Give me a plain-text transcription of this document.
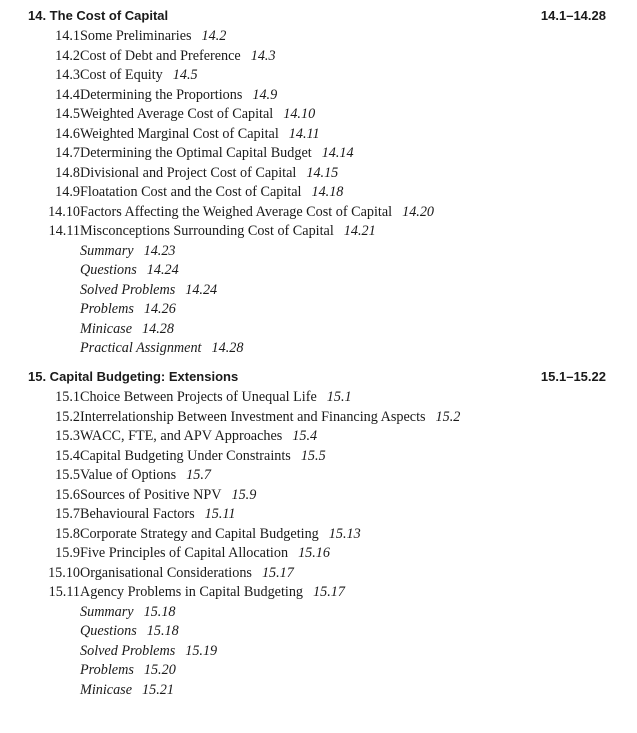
14. The Cost of Capital	14.1–14.28
14.1 Some Preliminaries 14.2
14.2 Cost of Debt and Preference 14.3
14.3 Cost of Equity 14.5
14.4 Determining the Proportions 14.9
14.5 Weighted Average Cost of Capital 14.10
14.6 Weighted Marginal Cost of Capital 14.11
14.7 Determining the Optimal Capital Budget 14.14
14.8 Divisional and Project Cost of Capital 14.15
14.9 Floatation Cost and the Cost of Capital 14.18
14.10 Factors Affecting the Weighed Average Cost of Capital 14.20
14.11 Misconceptions Surrounding Cost of Capital 14.21
Summary 14.23
Questions 14.24
Solved Problems 14.24
Problems 14.26
Minicase 14.28
Practical Assignment 14.28
15. Capital Budgeting: Extensions	15.1–15.22
15.1 Choice Between Projects of Unequal Life 15.1
15.2 Interrelationship Between Investment and Financing Aspects 15.2
15.3 WACC, FTE, and APV Approaches 15.4
15.4 Capital Budgeting Under Constraints 15.5
15.5 Value of Options 15.7
15.6 Sources of Positive NPV 15.9
15.7 Behavioural Factors 15.11
15.8 Corporate Strategy and Capital Budgeting 15.13
15.9 Five Principles of Capital Allocation 15.16
15.10 Organisational Considerations 15.17
15.11 Agency Problems in Capital Budgeting 15.17
Summary 15.18
Questions 15.18
Solved Problems 15.19
Problems 15.20
Minicase 15.21
